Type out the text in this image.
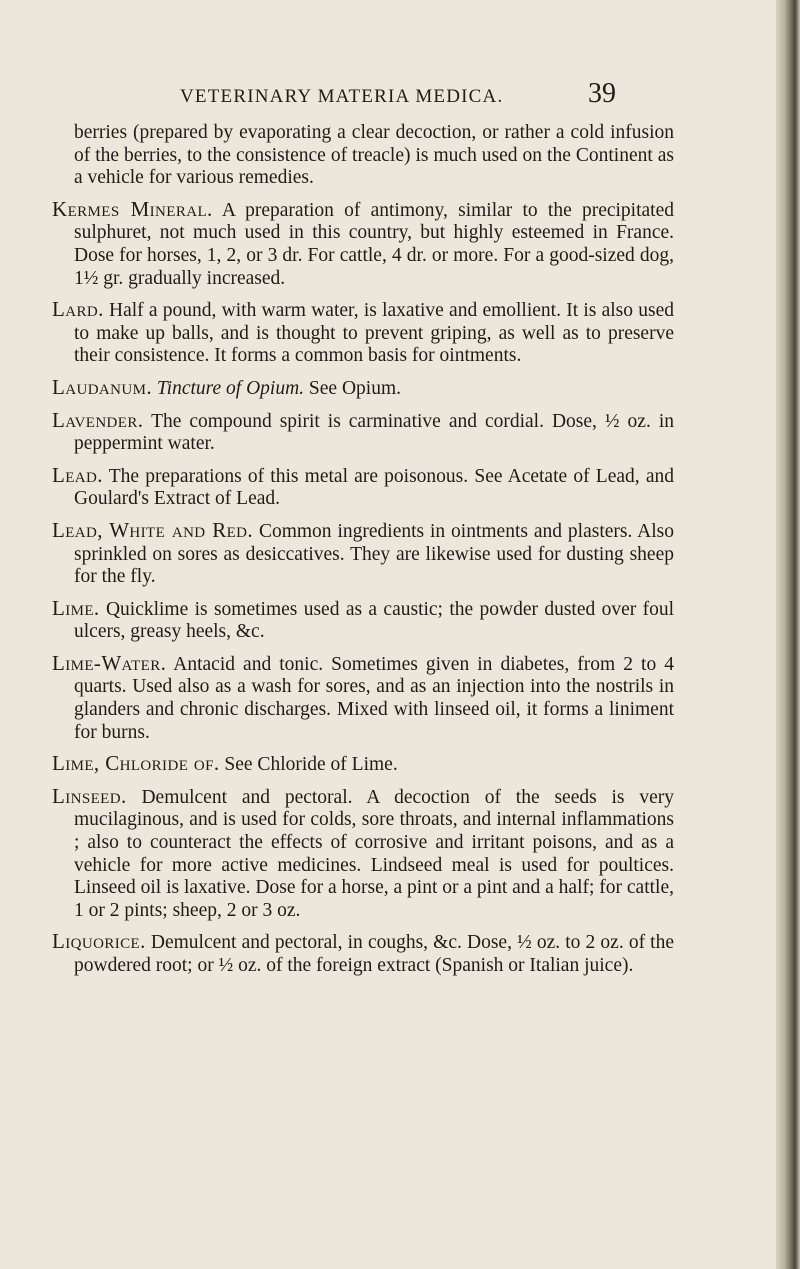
VETERINARY MATERIA MEDICA.	39

berries (prepared by evaporating a clear decoction, or rather a cold infusion of the berries, to the consistence of treacle) is much used on the Continent as a vehicle for various remedies.

Kermes Mineral. A preparation of antimony, similar to the precipitated sulphuret, not much used in this country, but highly esteemed in France. Dose for horses, 1, 2, or 3 dr. For cattle, 4 dr. or more. For a good-sized dog, 1½ gr. gradually increased.

Lard. Half a pound, with warm water, is laxative and emollient. It is also used to make up balls, and is thought to prevent griping, as well as to preserve their consistence. It forms a common basis for ointments.

Laudanum. Tincture of Opium. See Opium.

Lavender. The compound spirit is carminative and cordial. Dose, ½ oz. in peppermint water.

Lead. The preparations of this metal are poisonous. See Acetate of Lead, and Goulard's Extract of Lead.

Lead, White and Red. Common ingredients in ointments and plasters. Also sprinkled on sores as desiccatives. They are likewise used for dusting sheep for the fly.

Lime. Quicklime is sometimes used as a caustic; the powder dusted over foul ulcers, greasy heels, &c.

Lime-Water. Antacid and tonic. Sometimes given in diabetes, from 2 to 4 quarts. Used also as a wash for sores, and as an injection into the nostrils in glanders and chronic discharges. Mixed with linseed oil, it forms a liniment for burns.

Lime, Chloride of. See Chloride of Lime.

Linseed. Demulcent and pectoral. A decoction of the seeds is very mucilaginous, and is used for colds, sore throats, and internal inflammations ; also to counteract the effects of corrosive and irritant poisons, and as a vehicle for more active medicines. Lindseed meal is used for poultices. Linseed oil is laxative. Dose for a horse, a pint or a pint and a half; for cattle, 1 or 2 pints; sheep, 2 or 3 oz.

Liquorice. Demulcent and pectoral, in coughs, &c. Dose, ½ oz. to 2 oz. of the powdered root; or ½ oz. of the foreign extract (Spanish or Italian juice).
